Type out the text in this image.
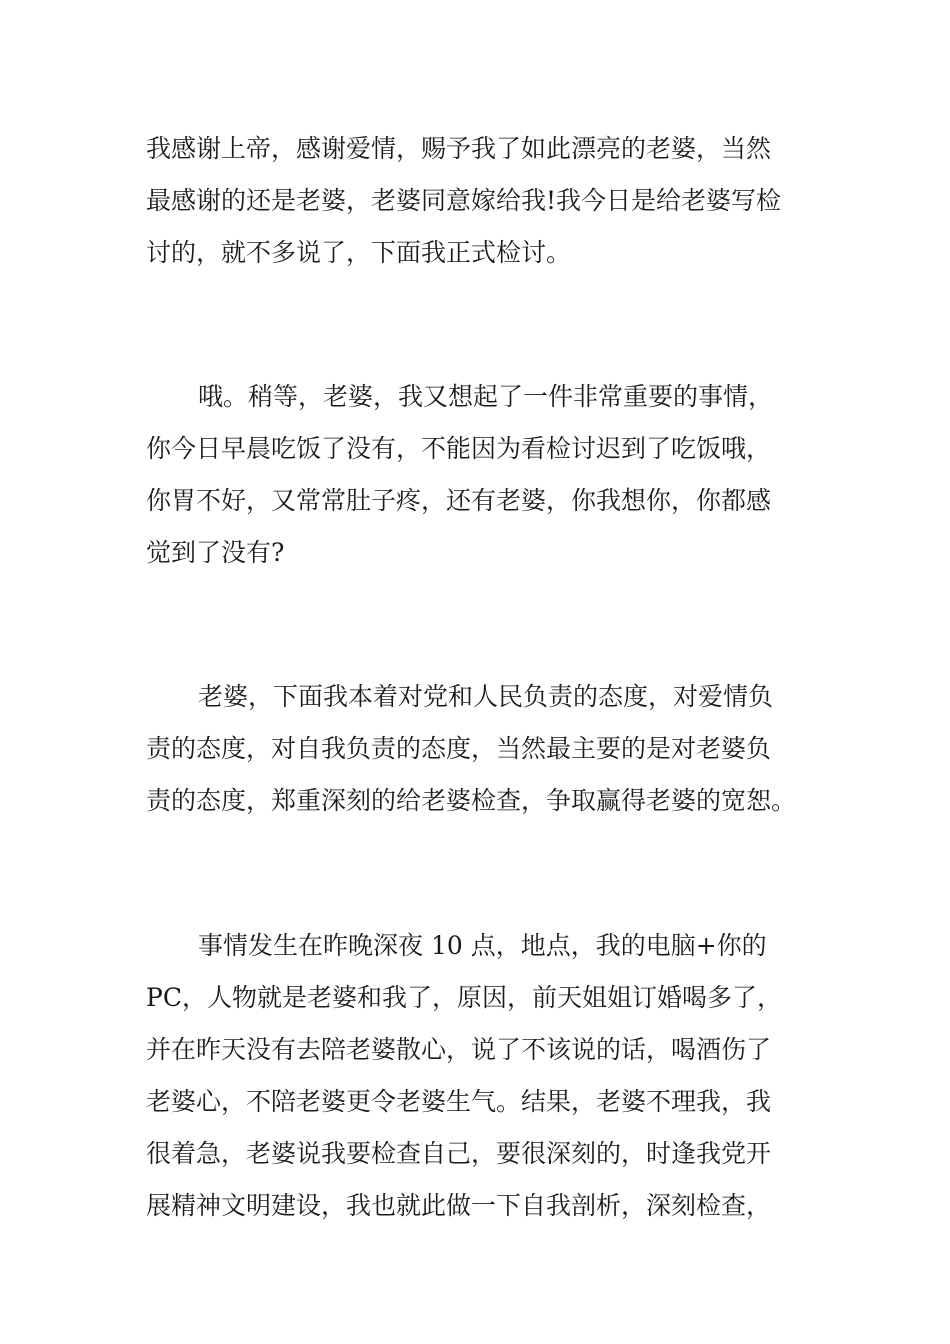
我感谢上帝，感谢爱情，赐予我了如此漂亮的老婆，当然
最感谢的还是老婆，老婆同意嫁给我!我今日是给老婆写检
讨的，就不多说了，下面我正式检讨。
哦。稍等，老婆，我又想起了一件非常重要的事情，
你今日早晨吃饭了没有，不能因为看检讨迟到了吃饭哦，
你胃不好，又常常肚子疼，还有老婆，你我想你，你都感
觉到了没有?
老婆，下面我本着对党和人民负责的态度，对爱情负
责的态度，对自我负责的态度，当然最主要的是对老婆负
责的态度，郑重深刻的给老婆检查，争取赢得老婆的宽恕。
事情发生在昨晚深夜 10 点，地点，我的电脑+你的
PC，人物就是老婆和我了，原因，前天姐姐订婚喝多了，
并在昨天没有去陪老婆散心，说了不该说的话，喝酒伤了
老婆心，不陪老婆更令老婆生气。结果，老婆不理我，我
很着急，老婆说我要检查自己，要很深刻的，时逢我党开
展精神文明建设，我也就此做一下自我剖析，深刻检查，
